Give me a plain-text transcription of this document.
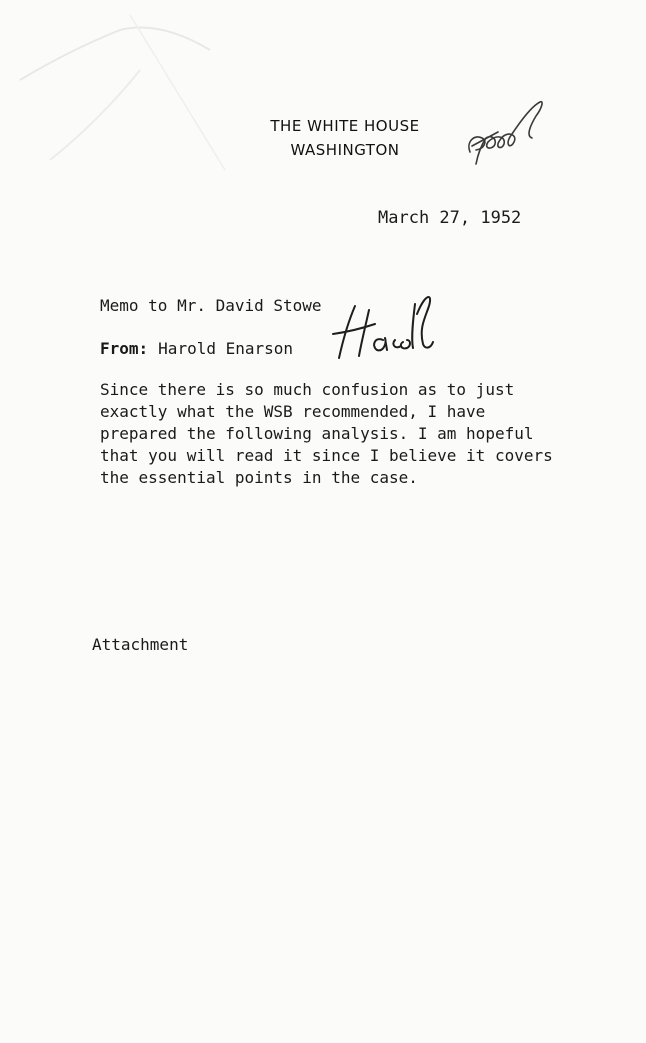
THE WHITE HOUSE
WASHINGTON
March 27, 1952
Memo to Mr. David Stowe
From: Harold Enarson
Since there is so much confusion as to just
exactly what the WSB recommended, I have
prepared the following analysis. I am hopeful
that you will read it since I believe it covers
the essential points in the case.
Attachment
